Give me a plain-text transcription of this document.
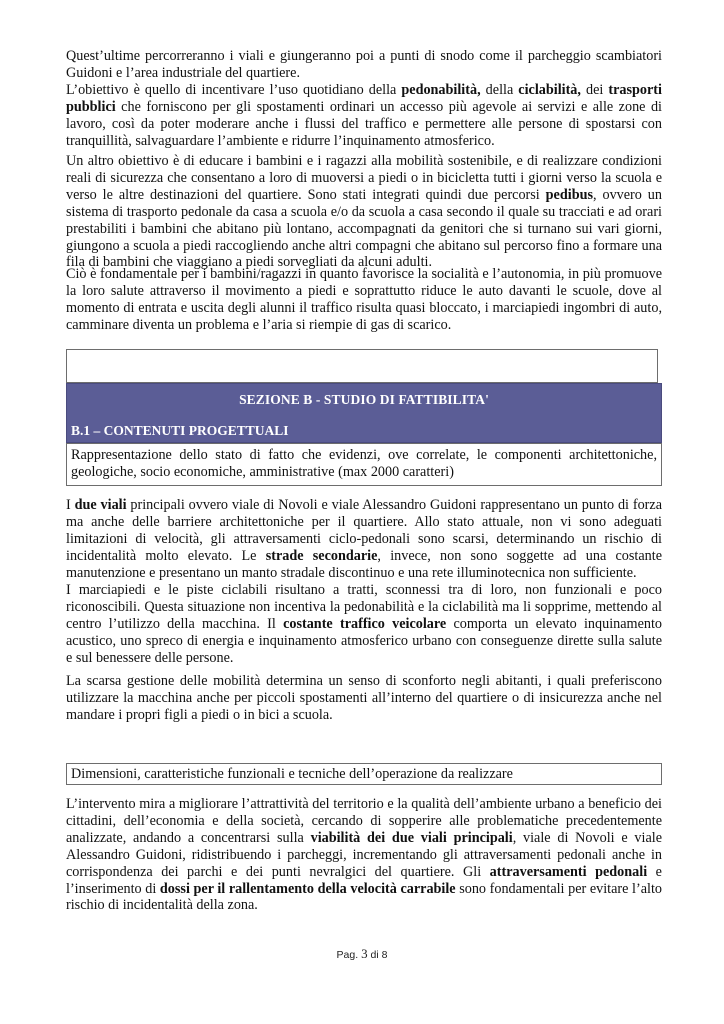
Quest’ultime percorreranno i viali e giungeranno poi a punti di snodo come il parcheggio scambiatori Guidoni e l’area industriale del quartiere.

L’obiettivo è quello di incentivare l’uso quotidiano della pedonabilità, della ciclabilità, dei trasporti pubblici che forniscono per gli spostamenti ordinari un accesso più agevole ai servizi e alle zone di lavoro, così da poter moderare anche i flussi del traffico e permettere alle persone di spostarsi con tranquillità, salvaguardare l’ambiente e ridurre l’inquinamento atmosferico.

Un altro obiettivo è di educare i bambini e i ragazzi alla mobilità sostenibile, e di realizzare condizioni reali di sicurezza che consentano a loro di muoversi a piedi o in bicicletta tutti i giorni verso la scuola e verso le altre destinazioni del quartiere. Sono stati integrati quindi due percorsi pedibus, ovvero un sistema di trasporto pedonale da casa a scuola e/o da scuola a casa secondo il quale su tracciati e ad orari prestabiliti i bambini che abitano più lontano, accompagnati da genitori che si turnano sui vari giorni, giungono a scuola a piedi raccogliendo anche altri compagni che abitano sul percorso fino a formare una fila di bambini che viaggiano a piedi sorvegliati da alcuni adulti.

Ciò è fondamentale per i bambini/ragazzi in quanto favorisce la socialità e l’autonomia, in più promuove la loro salute attraverso il movimento a piedi e soprattutto riduce le auto davanti le scuole, dove al momento di entrata e uscita degli alunni il traffico risulta quasi bloccato, i marciapiedi ingombri di auto, camminare diventa un problema e l’aria si riempie di gas di scarico.

SEZIONE B - STUDIO DI FATTIBILITA'
B.1 – CONTENUTI PROGETTUALI
Rappresentazione dello stato di fatto che evidenzi, ove correlate, le componenti architettoniche, geologiche, socio economiche, amministrative (max 2000 caratteri)

I due viali principali ovvero viale di Novoli e viale Alessandro Guidoni rappresentano un punto di forza ma anche delle barriere architettoniche per il quartiere. Allo stato attuale, non vi sono adeguati limitazioni di velocità, gli attraversamenti ciclo-pedonali sono scarsi, determinando un rischio di incidentalità molto elevato. Le strade secondarie, invece, non sono soggette ad una costante manutenzione e presentano un manto stradale discontinuo e una rete illuminotecnica non sufficiente.

I marciapiedi e le piste ciclabili risultano a tratti, sconnessi tra di loro, non funzionali e poco riconoscibili. Questa situazione non incentiva la pedonabilità e la ciclabilità ma li sopprime, mettendo al centro l’utilizzo della macchina. Il costante traffico veicolare comporta un elevato inquinamento acustico, uno spreco di energia e inquinamento atmosferico urbano con conseguenze dirette sulla salute e sul benessere delle persone.

La scarsa gestione delle mobilità determina un senso di sconforto negli abitanti, i quali preferiscono utilizzare la macchina anche per piccoli spostamenti all’interno del quartiere o di insicurezza anche nel mandare i propri figli a piedi o in bici a scuola.

Dimensioni, caratteristiche funzionali e tecniche dell’operazione da realizzare

L’intervento mira a migliorare l’attrattività del territorio e la qualità dell’ambiente urbano a beneficio dei cittadini, dell’economia e della società, cercando di sopperire alle problematiche precedentemente analizzate, andando a concentrarsi sulla viabilità dei due viali principali, viale di Novoli e viale Alessandro Guidoni, ridistribuendo i parcheggi, incrementando gli attraversamenti pedonali anche in corrispondenza dei parchi e dei punti nevralgici del quartiere. Gli attraversamenti pedonali e l’inserimento di dossi per il rallentamento della velocità carrabile sono fondamentali per evitare l’alto rischio di incidentalità della zona.

Pag. 3 di 8
